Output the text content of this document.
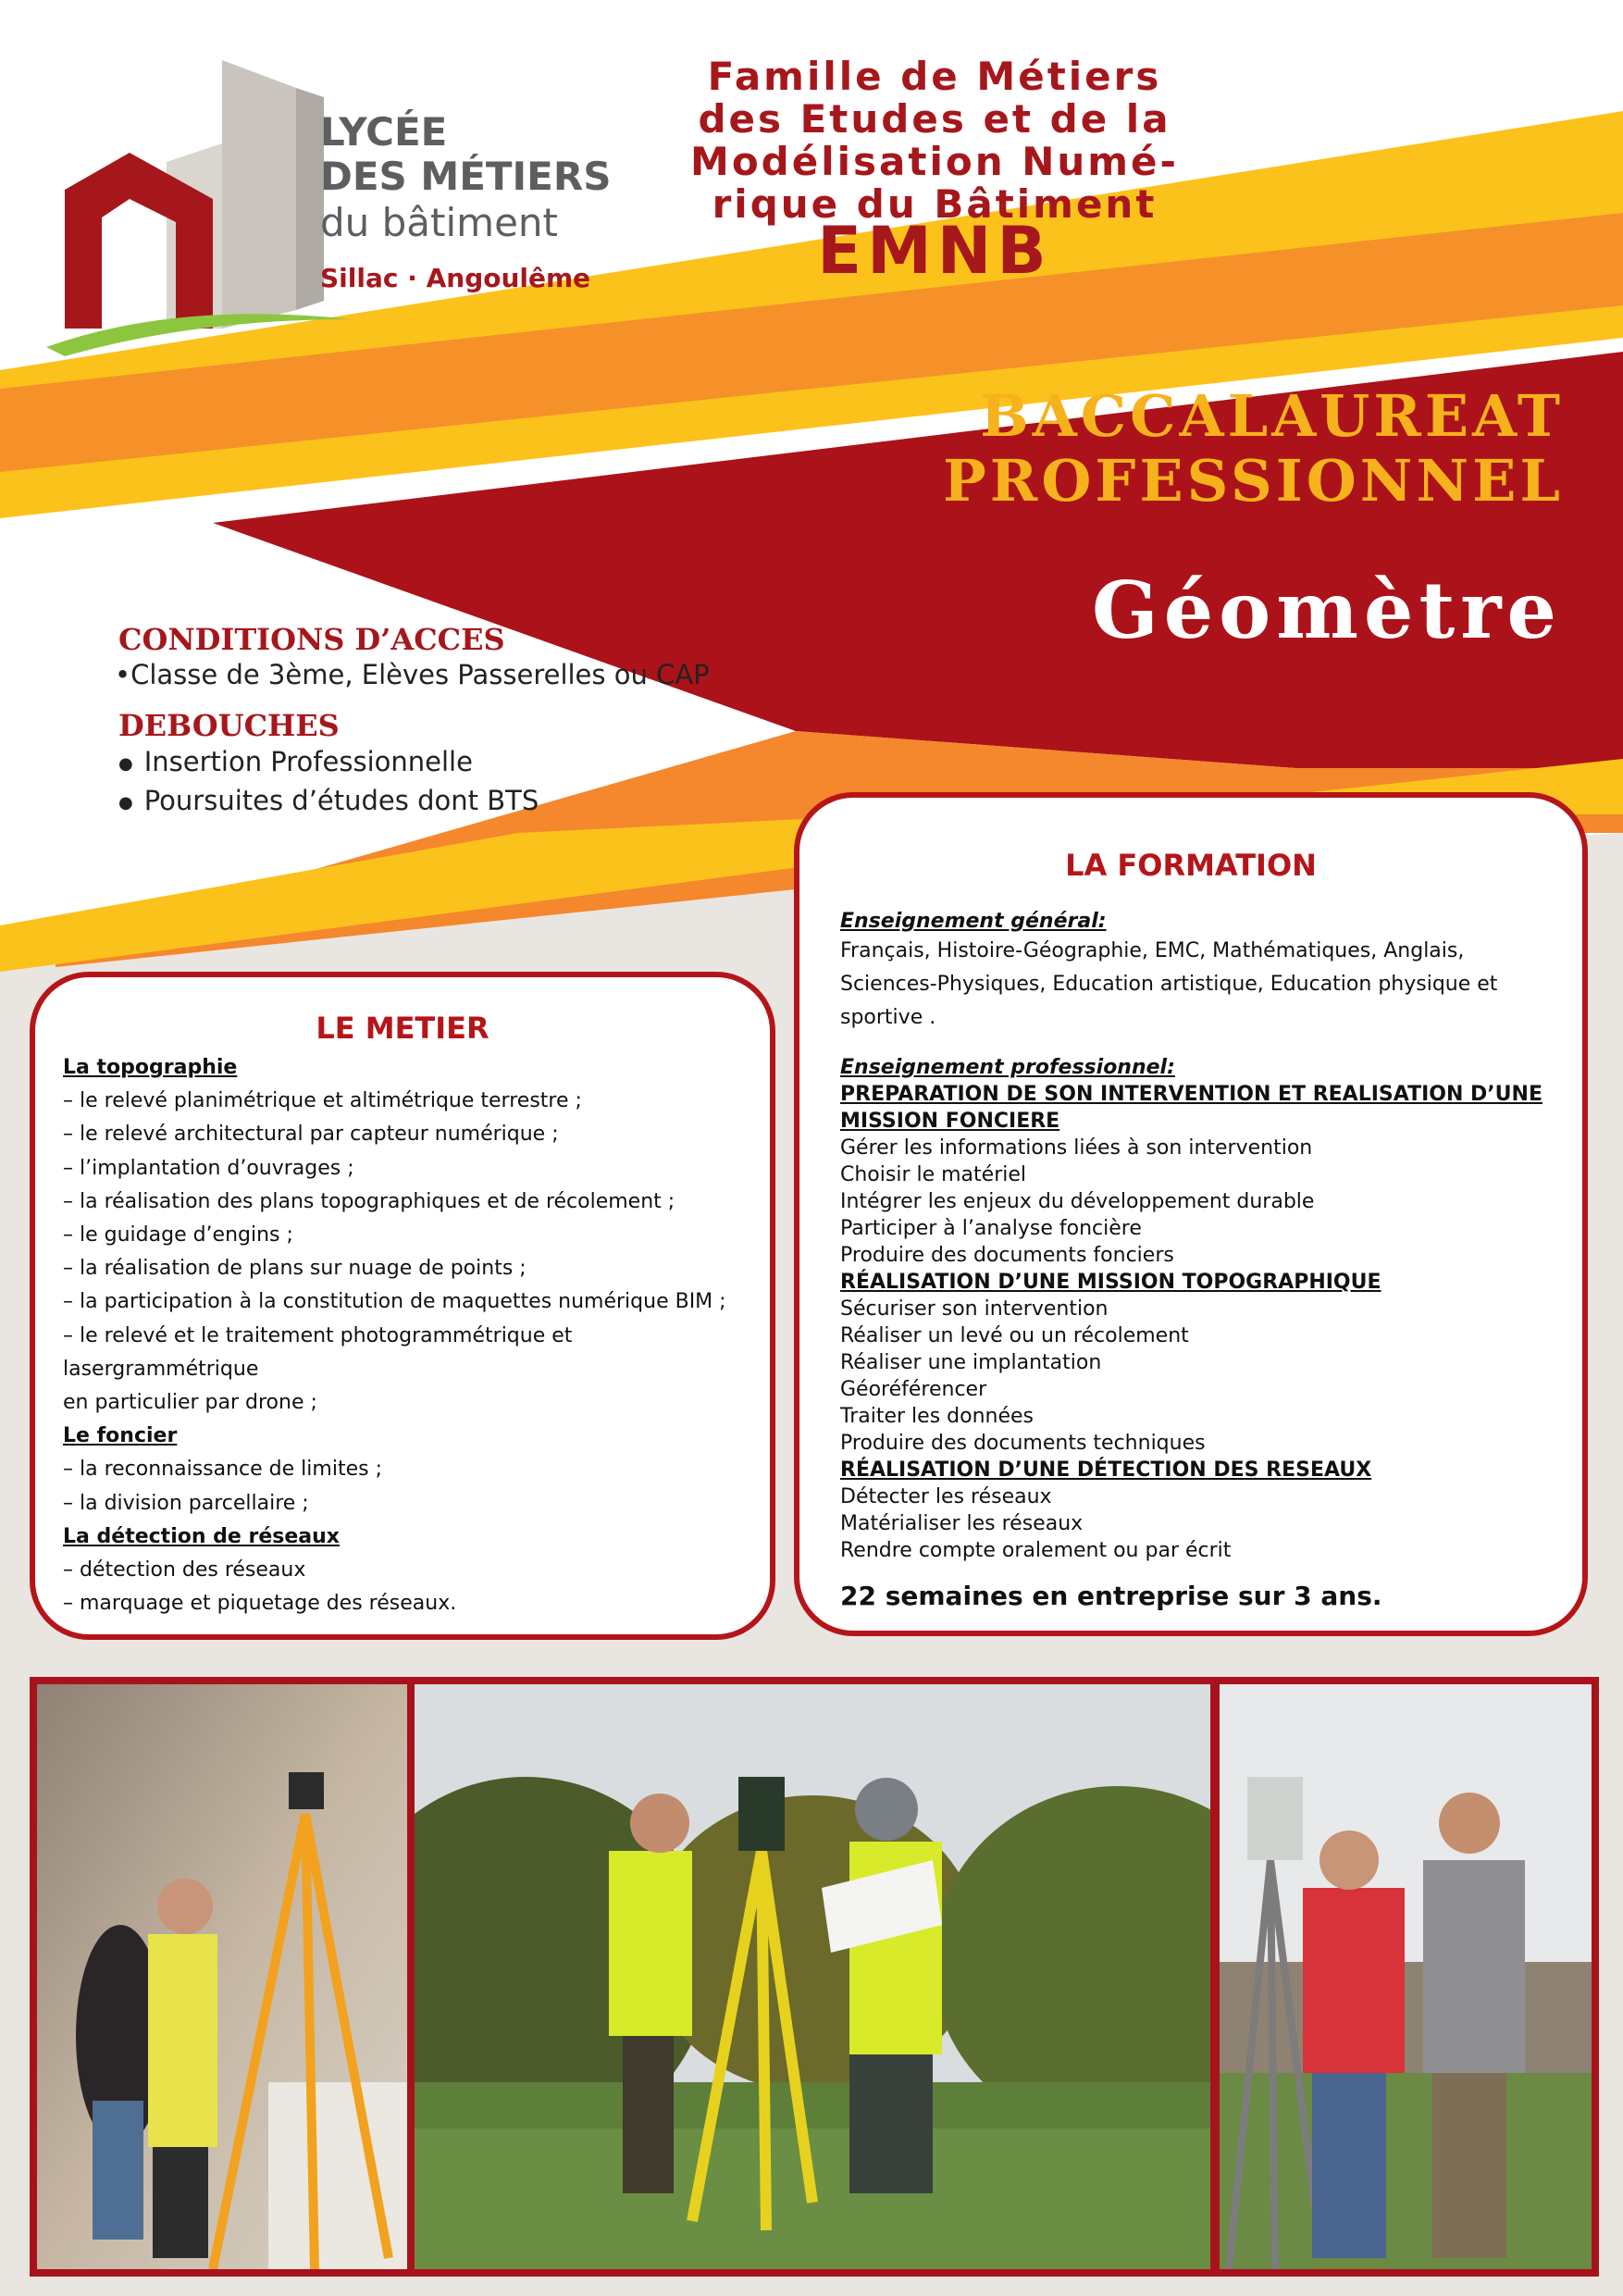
LYCÉE
DES MÉTIERS
du bâtiment
Sillac · Angoulême
Famille de Métiers
des Etudes et de la
Modélisation Numé-
rique du Bâtiment
EMNB
BACCALAUREAT
PROFESSIONNEL
Géomètre
CONDITIONS D’ACCES
•Classe de 3ème, Elèves Passerelles ou CAP
DEBOUCHES
● Insertion Professionnelle
● Poursuites d’études dont BTS
LE METIER
La topographie
– le relevé planimétrique et altimétrique terrestre ;
– le relevé architectural par capteur numérique ;
– l’implantation d’ouvrages ;
– la réalisation des plans topographiques et de récolement ;
– le guidage d’engins ;
– la réalisation de plans sur nuage de points ;
– la participation à la constitution de maquettes numérique BIM ;
– le relevé et le traitement photogrammétrique et lasergrammétrique
en particulier par drone ;
Le foncier
– la reconnaissance de limites ;
– la division parcellaire ;
La détection de réseaux
– détection des réseaux
– marquage et piquetage des réseaux.
LA FORMATION
Enseignement général:
Français, Histoire-Géographie, EMC, Mathématiques, Anglais, Sciences-Physiques, Education artistique, Education physique et sportive .
Enseignement professionnel:
PREPARATION DE SON INTERVENTION ET REALISATION D’UNE MISSION FONCIERE
Gérer les informations liées à son intervention
Choisir le matériel
Intégrer les enjeux du développement durable
Participer à l’analyse foncière
Produire des documents fonciers
RÉALISATION D’UNE MISSION TOPOGRAPHIQUE
Sécuriser son intervention
Réaliser un levé ou un récolement
Réaliser une implantation
Géoréférencer
Traiter les données
Produire des documents techniques
RÉALISATION D’UNE DÉTECTION DES RESEAUX
Détecter les réseaux
Matérialiser les réseaux
Rendre compte oralement ou par écrit
22 semaines en entreprise sur 3 ans.
